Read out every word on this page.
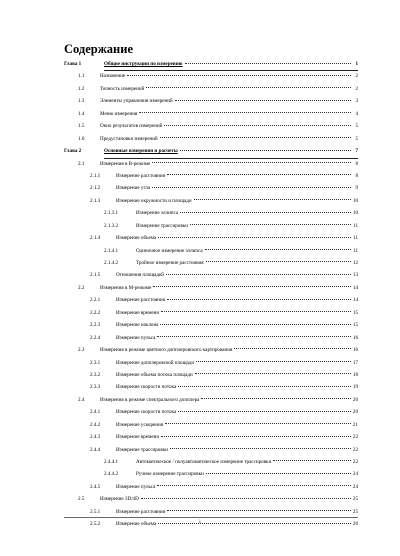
Содержание
Глава 1	Общие инструкции по измерению	1
1.1	Назначение	2
1.2	Точность измерений	2
1.3	Элементы управления измерений	3
1.4	Меню измерения	4
1.5	Окно результатов измерений	5
1.6	Предустановки измерений	5
Глава 2	Основные измерения и расчеты	7
2.1	Измерения в В-режиме	8
2.1.1	Измерение расстояния	8
2.1.2	Измерение угла	9
2.1.3	Измерение окружности и площади	10
2.1.3.1	Измерение эллипса	10
2.1.3.2	Измерение трассировки	11
2.1.4	Измерение объема	11
2.1.4.1	Одиночное измерение эллипса	11
2.1.4.2	Тройное измерение расстояния	12
2.1.5	Отношения площадей	13
2.2	Измерения в М-режиме	14
2.2.1	Измерение расстояния	14
2.2.2	Измерение времени	15
2.2.3	Измерение наклона	15
2.2.4	Измерение пульса	16
2.3	Измерения в режиме цветного допплеровского картирования	16
2.3.1	Измерение допплеровской площади	17
2.3.2	Измерение объема потока площади	18
2.3.3	Измерение скорости потока	19
2.4	Измерения в режиме спектрального допплера	20
2.4.1	Измерение скорости потока	20
2.4.2	Измерение ускорения	21
2.4.3	Измерение времени	22
2.4.4	Измерение трассировки	22
2.4.4.1	Автоматическое / полуавтоматическое измерение трассировки	22
2.4.4.2	Ручное измерение трассировки	24
2.4.5	Измерение пульса	24
2.5	Измерение 3D/4D	25
2.5.1	Измерение расстояния	25
2.5.2	Измерение объема	26
i
